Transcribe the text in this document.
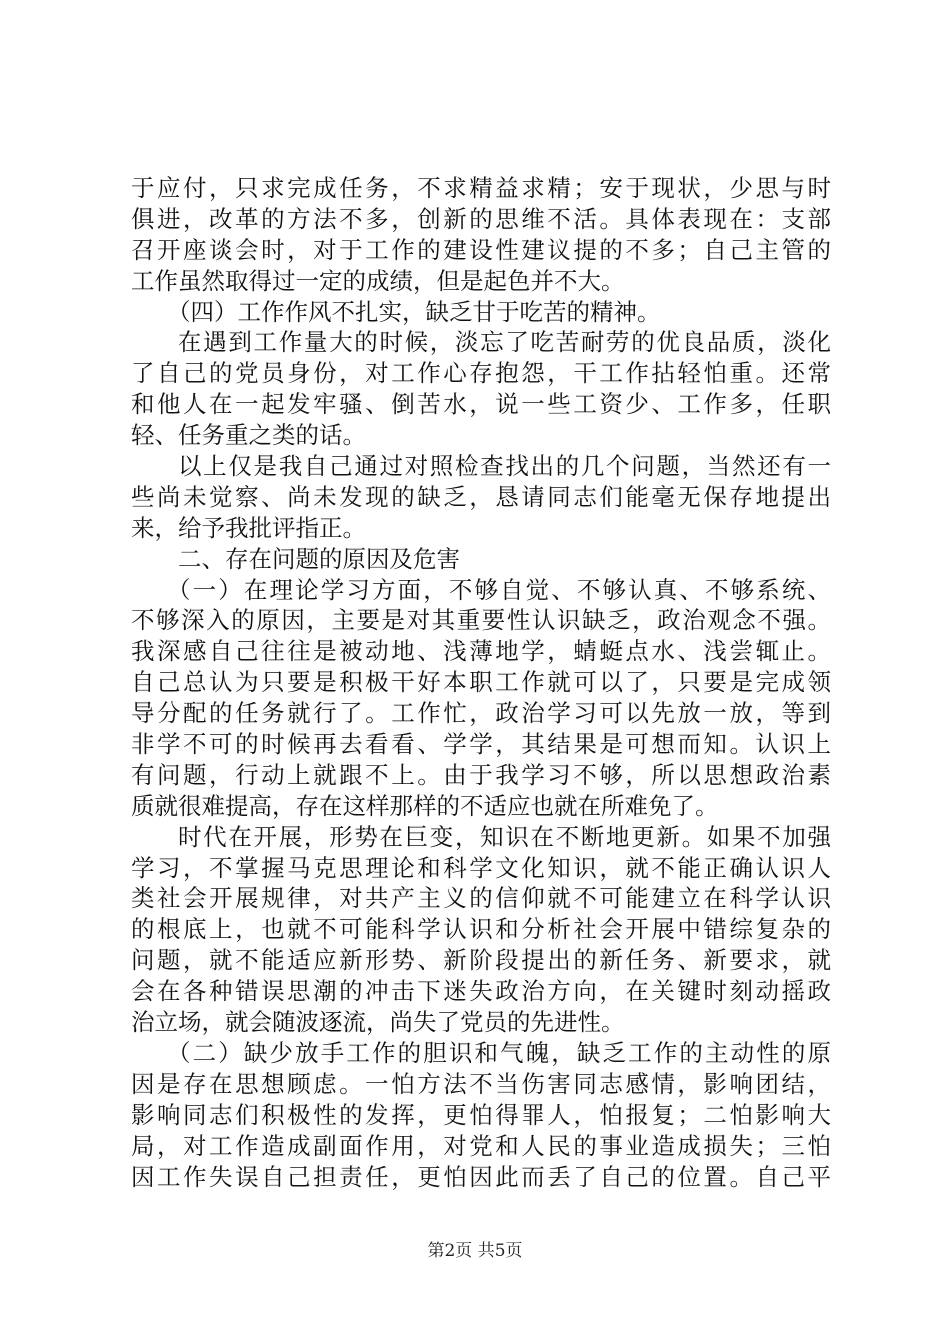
于应付，只求完成任务，不求精益求精；安于现状，少思与时
俱进，改革的方法不多，创新的思维不活。具体表现在：支部
召开座谈会时，对于工作的建设性建议提的不多；自己主管的
工作虽然取得过一定的成绩，但是起色并不大。
（四）工作作风不扎实，缺乏甘于吃苦的精神。
在遇到工作量大的时候，淡忘了吃苦耐劳的优良品质，淡化
了自己的党员身份，对工作心存抱怨，干工作拈轻怕重。还常
和他人在一起发牢骚、倒苦水，说一些工资少、工作多，任职
轻、任务重之类的话。
以上仅是我自己通过对照检查找出的几个问题，当然还有一
些尚未觉察、尚未发现的缺乏，恳请同志们能毫无保存地提出
来，给予我批评指正。
二、存在问题的原因及危害
（一）在理论学习方面，不够自觉、不够认真、不够系统、
不够深入的原因，主要是对其重要性认识缺乏，政治观念不强。
我深感自己往往是被动地、浅薄地学，蜻蜓点水、浅尝辄止。
自己总认为只要是积极干好本职工作就可以了，只要是完成领
导分配的任务就行了。工作忙，政治学习可以先放一放，等到
非学不可的时候再去看看、学学，其结果是可想而知。认识上
有问题，行动上就跟不上。由于我学习不够，所以思想政治素
质就很难提高，存在这样那样的不适应也就在所难免了。
时代在开展，形势在巨变，知识在不断地更新。如果不加强
学习，不掌握马克思理论和科学文化知识，就不能正确认识人
类社会开展规律，对共产主义的信仰就不可能建立在科学认识
的根底上，也就不可能科学认识和分析社会开展中错综复杂的
问题，就不能适应新形势、新阶段提出的新任务、新要求，就
会在各种错误思潮的冲击下迷失政治方向，在关键时刻动摇政
治立场，就会随波逐流，尚失了党员的先进性。
（二）缺少放手工作的胆识和气魄，缺乏工作的主动性的原
因是存在思想顾虑。一怕方法不当伤害同志感情，影响团结，
影响同志们积极性的发挥，更怕得罪人，怕报复；二怕影响大
局，对工作造成副面作用，对党和人民的事业造成损失；三怕
因工作失误自己担责任，更怕因此而丢了自己的位置。自己平
第2页 共5页
